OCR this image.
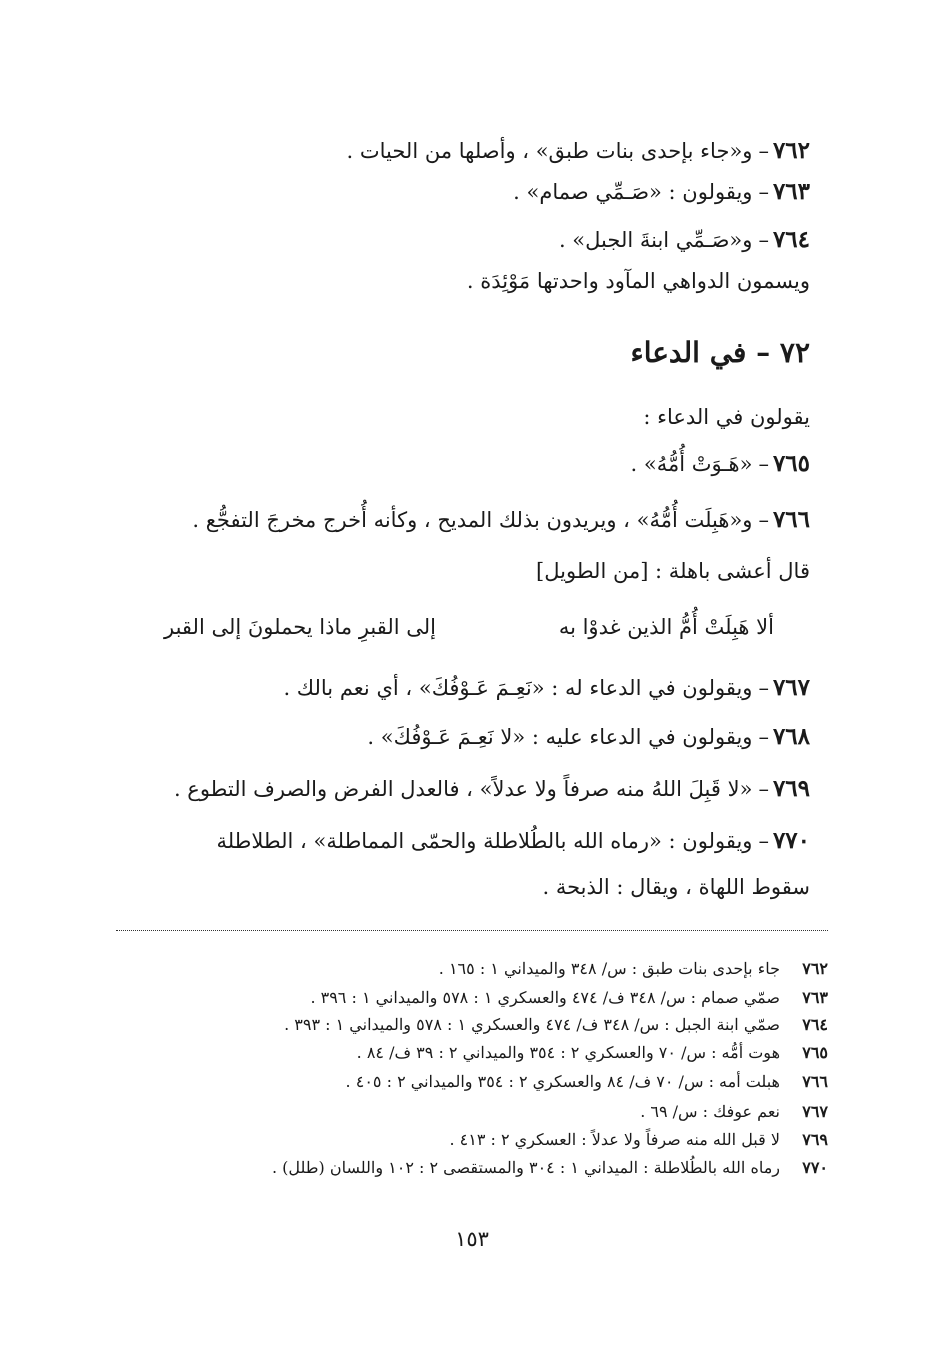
٧٦٢–و«جاء بإحدى بنات طبق» ، وأصلها من الحيات .
٧٦٣–ويقولون : «صَـمِّي صمام» .
٧٦٤–و«صَـمِّي ابنةَ الجبل» .
ويسمون الدواهي المآود واحدتها مَوْئِدَة .
٧٢ – في الدعاء
يقولون في الدعاء :
٧٦٥–«هَـوَتْ أُمُّهُ» .
٧٦٦–و«هَبِلَت أُمُّهُ» ، ويريدون بذلك المديح ، وكأنه أُخرج مخرجَ التفجُّع .
قال أعشى باهلة : [من الطويل]
ألا هَبِلَتْ أُمُّ الذين غدوْا به
إلى القبرِ ماذا يحملونَ إلى القبر
٧٦٧–ويقولون في الدعاء له : «نَعِـمَ عَـوْفُكَ» ، أي نعم بالك .
٧٦٨–ويقولون في الدعاء عليه : «لا نَعِـمَ عَـوْفُكَ» .
٧٦٩–«لا قَبِلَ اللهُ منه صرفاً ولا عدلاً» ، فالعدل الفرض والصرف التطوع .
٧٧٠–ويقولون : «رماه الله بالطُلاطلة والحمّى المماطلة» ، الطلاطلة
سقوط اللهاة ، ويقال : الذبحة .
٧٦٢جاء بإحدى بنات طبق : س/ ٣٤٨ والميداني ١ : ١٦٥ .
٧٦٣صمّي صمام : س/ ٣٤٨ ف/ ٤٧٤ والعسكري ١ : ٥٧٨ والميداني ١ : ٣٩٦ .
٧٦٤صمّي ابنة الجبل : س/ ٣٤٨ ف/ ٤٧٤ والعسكري ١ : ٥٧٨ والميداني ١ : ٣٩٣ .
٧٦٥هوت أمُّه : س/ ٧٠ والعسكري ٢ : ٣٥٤ والميداني ٢ : ٣٩ ف/ ٨٤ .
٧٦٦هبلت أمه : س/ ٧٠ ف/ ٨٤ والعسكري ٢ : ٣٥٤ والميداني ٢ : ٤٠٥ .
٧٦٧نعم عوفك : س/ ٦٩ .
٧٦٩لا قبل الله منه صرفاً ولا عدلاً : العسكري ٢ : ٤١٣ .
٧٧٠رماه الله بالطُلاطلة : الميداني ١ : ٣٠٤ والمستقصى ٢ : ١٠٢ واللسان (طلل) .
١٥٣
